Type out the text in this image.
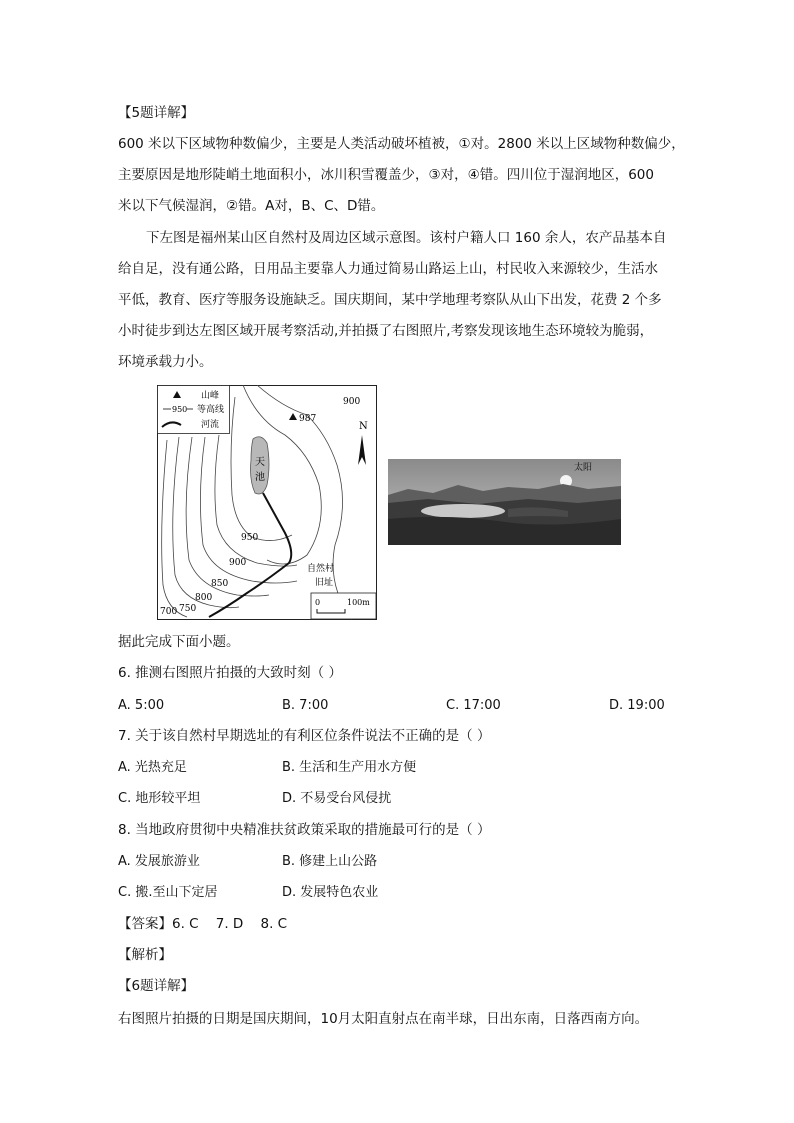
【5题详解】
600 米以下区域物种数偏少，主要是人类活动破坏植被，①对。2800 米以上区域物种数偏少，
主要原因是地形陡峭土地面积小，冰川积雪覆盖少，③对，④错。四川位于湿润地区，600
米以下气候湿润，②错。A对，B、C、D错。
下左图是福州某山区自然村及周边区域示意图。该村户籍人口 160 余人，农产品基本自
给自足，没有通公路，日用品主要靠人力通过简易山路运上山，村民收入来源较少，生活水
平低，教育、医疗等服务设施缺乏。国庆期间，某中学地理考察队从山下出发，花费 2 个多
小时徒步到达左图区域开展考察活动,并拍摄了右图照片,考察发现该地生态环境较为脆弱，
环境承载力小。
山峰
950 等高线
河流
天
池
987
自然村
旧址
N
900
950
900
850
800
750
700
0	100m
太阳
据此完成下面小题。
6. 推测右图照片拍摄的大致时刻（ ）
A. 5:00	B. 7:00	C. 17:00	D. 19:00
7. 关于该自然村早期选址的有利区位条件说法不正确的是（ ）
A. 光热充足	B. 生活和生产用水方便
C. 地形较平坦	D. 不易受台风侵扰
8. 当地政府贯彻中央精准扶贫政策采取的措施最可行的是（ ）
A. 发展旅游业	B. 修建上山公路
C. 搬.至山下定居	D. 发展特色农业
【答案】6. C    7. D    8. C
【解析】
【6题详解】
右图照片拍摄的日期是国庆期间，10月太阳直射点在南半球，日出东南，日落西南方向。
